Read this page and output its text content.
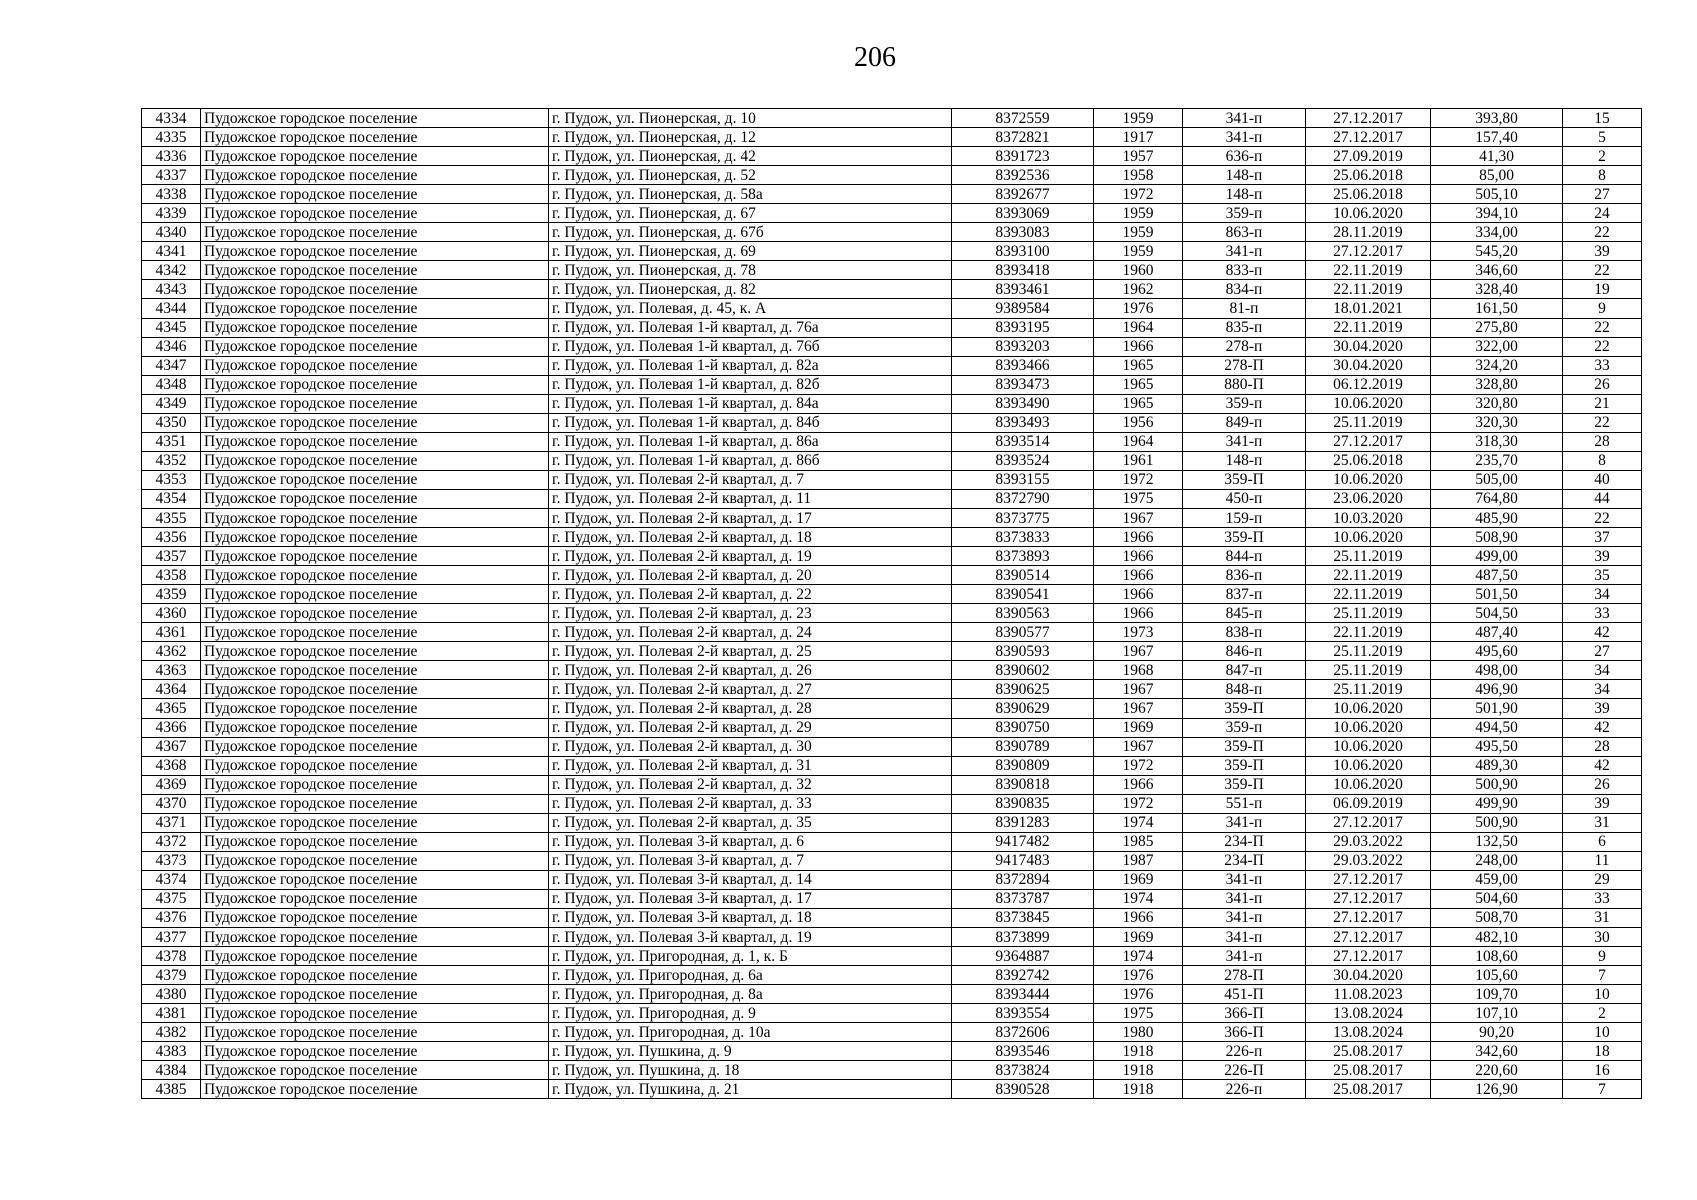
206
4334	Пудожское городское поселение	г. Пудож, ул. Пионерская, д. 10	8372559	1959	341-п	27.12.2017	393,80	15
4335	Пудожское городское поселение	г. Пудож, ул. Пионерская, д. 12	8372821	1917	341-п	27.12.2017	157,40	5
4336	Пудожское городское поселение	г. Пудож, ул. Пионерская, д. 42	8391723	1957	636-п	27.09.2019	41,30	2
4337	Пудожское городское поселение	г. Пудож, ул. Пионерская, д. 52	8392536	1958	148-п	25.06.2018	85,00	8
4338	Пудожское городское поселение	г. Пудож, ул. Пионерская, д. 58а	8392677	1972	148-п	25.06.2018	505,10	27
4339	Пудожское городское поселение	г. Пудож, ул. Пионерская, д. 67	8393069	1959	359-п	10.06.2020	394,10	24
4340	Пудожское городское поселение	г. Пудож, ул. Пионерская, д. 67б	8393083	1959	863-п	28.11.2019	334,00	22
4341	Пудожское городское поселение	г. Пудож, ул. Пионерская, д. 69	8393100	1959	341-п	27.12.2017	545,20	39
4342	Пудожское городское поселение	г. Пудож, ул. Пионерская, д. 78	8393418	1960	833-п	22.11.2019	346,60	22
4343	Пудожское городское поселение	г. Пудож, ул. Пионерская, д. 82	8393461	1962	834-п	22.11.2019	328,40	19
4344	Пудожское городское поселение	г. Пудож, ул. Полевая, д. 45, к. А	9389584	1976	81-п	18.01.2021	161,50	9
4345	Пудожское городское поселение	г. Пудож, ул. Полевая 1-й квартал, д. 76а	8393195	1964	835-п	22.11.2019	275,80	22
4346	Пудожское городское поселение	г. Пудож, ул. Полевая 1-й квартал, д. 76б	8393203	1966	278-п	30.04.2020	322,00	22
4347	Пудожское городское поселение	г. Пудож, ул. Полевая 1-й квартал, д. 82а	8393466	1965	278-П	30.04.2020	324,20	33
4348	Пудожское городское поселение	г. Пудож, ул. Полевая 1-й квартал, д. 82б	8393473	1965	880-П	06.12.2019	328,80	26
4349	Пудожское городское поселение	г. Пудож, ул. Полевая 1-й квартал, д. 84а	8393490	1965	359-п	10.06.2020	320,80	21
4350	Пудожское городское поселение	г. Пудож, ул. Полевая 1-й квартал, д. 84б	8393493	1956	849-п	25.11.2019	320,30	22
4351	Пудожское городское поселение	г. Пудож, ул. Полевая 1-й квартал, д. 86а	8393514	1964	341-п	27.12.2017	318,30	28
4352	Пудожское городское поселение	г. Пудож, ул. Полевая 1-й квартал, д. 86б	8393524	1961	148-п	25.06.2018	235,70	8
4353	Пудожское городское поселение	г. Пудож, ул. Полевая 2-й квартал, д. 7	8393155	1972	359-П	10.06.2020	505,00	40
4354	Пудожское городское поселение	г. Пудож, ул. Полевая 2-й квартал, д. 11	8372790	1975	450-п	23.06.2020	764,80	44
4355	Пудожское городское поселение	г. Пудож, ул. Полевая 2-й квартал, д. 17	8373775	1967	159-п	10.03.2020	485,90	22
4356	Пудожское городское поселение	г. Пудож, ул. Полевая 2-й квартал, д. 18	8373833	1966	359-П	10.06.2020	508,90	37
4357	Пудожское городское поселение	г. Пудож, ул. Полевая 2-й квартал, д. 19	8373893	1966	844-п	25.11.2019	499,00	39
4358	Пудожское городское поселение	г. Пудож, ул. Полевая 2-й квартал, д. 20	8390514	1966	836-п	22.11.2019	487,50	35
4359	Пудожское городское поселение	г. Пудож, ул. Полевая 2-й квартал, д. 22	8390541	1966	837-п	22.11.2019	501,50	34
4360	Пудожское городское поселение	г. Пудож, ул. Полевая 2-й квартал, д. 23	8390563	1966	845-п	25.11.2019	504,50	33
4361	Пудожское городское поселение	г. Пудож, ул. Полевая 2-й квартал, д. 24	8390577	1973	838-п	22.11.2019	487,40	42
4362	Пудожское городское поселение	г. Пудож, ул. Полевая 2-й квартал, д. 25	8390593	1967	846-п	25.11.2019	495,60	27
4363	Пудожское городское поселение	г. Пудож, ул. Полевая 2-й квартал, д. 26	8390602	1968	847-п	25.11.2019	498,00	34
4364	Пудожское городское поселение	г. Пудож, ул. Полевая 2-й квартал, д. 27	8390625	1967	848-п	25.11.2019	496,90	34
4365	Пудожское городское поселение	г. Пудож, ул. Полевая 2-й квартал, д. 28	8390629	1967	359-П	10.06.2020	501,90	39
4366	Пудожское городское поселение	г. Пудож, ул. Полевая 2-й квартал, д. 29	8390750	1969	359-п	10.06.2020	494,50	42
4367	Пудожское городское поселение	г. Пудож, ул. Полевая 2-й квартал, д. 30	8390789	1967	359-П	10.06.2020	495,50	28
4368	Пудожское городское поселение	г. Пудож, ул. Полевая 2-й квартал, д. 31	8390809	1972	359-П	10.06.2020	489,30	42
4369	Пудожское городское поселение	г. Пудож, ул. Полевая 2-й квартал, д. 32	8390818	1966	359-П	10.06.2020	500,90	26
4370	Пудожское городское поселение	г. Пудож, ул. Полевая 2-й квартал, д. 33	8390835	1972	551-п	06.09.2019	499,90	39
4371	Пудожское городское поселение	г. Пудож, ул. Полевая 2-й квартал, д. 35	8391283	1974	341-п	27.12.2017	500,90	31
4372	Пудожское городское поселение	г. Пудож, ул. Полевая 3-й квартал, д. 6	9417482	1985	234-П	29.03.2022	132,50	6
4373	Пудожское городское поселение	г. Пудож, ул. Полевая 3-й квартал, д. 7	9417483	1987	234-П	29.03.2022	248,00	11
4374	Пудожское городское поселение	г. Пудож, ул. Полевая 3-й квартал, д. 14	8372894	1969	341-п	27.12.2017	459,00	29
4375	Пудожское городское поселение	г. Пудож, ул. Полевая 3-й квартал, д. 17	8373787	1974	341-п	27.12.2017	504,60	33
4376	Пудожское городское поселение	г. Пудож, ул. Полевая 3-й квартал, д. 18	8373845	1966	341-п	27.12.2017	508,70	31
4377	Пудожское городское поселение	г. Пудож, ул. Полевая 3-й квартал, д. 19	8373899	1969	341-п	27.12.2017	482,10	30
4378	Пудожское городское поселение	г. Пудож, ул. Пригородная, д. 1, к. Б	9364887	1974	341-п	27.12.2017	108,60	9
4379	Пудожское городское поселение	г. Пудож, ул. Пригородная, д. 6а	8392742	1976	278-П	30.04.2020	105,60	7
4380	Пудожское городское поселение	г. Пудож, ул. Пригородная, д. 8а	8393444	1976	451-П	11.08.2023	109,70	10
4381	Пудожское городское поселение	г. Пудож, ул. Пригородная, д. 9	8393554	1975	366-П	13.08.2024	107,10	2
4382	Пудожское городское поселение	г. Пудож, ул. Пригородная, д. 10а	8372606	1980	366-П	13.08.2024	90,20	10
4383	Пудожское городское поселение	г. Пудож, ул. Пушкина, д. 9	8393546	1918	226-п	25.08.2017	342,60	18
4384	Пудожское городское поселение	г. Пудож, ул. Пушкина, д. 18	8373824	1918	226-П	25.08.2017	220,60	16
4385	Пудожское городское поселение	г. Пудож, ул. Пушкина, д. 21	8390528	1918	226-п	25.08.2017	126,90	7
